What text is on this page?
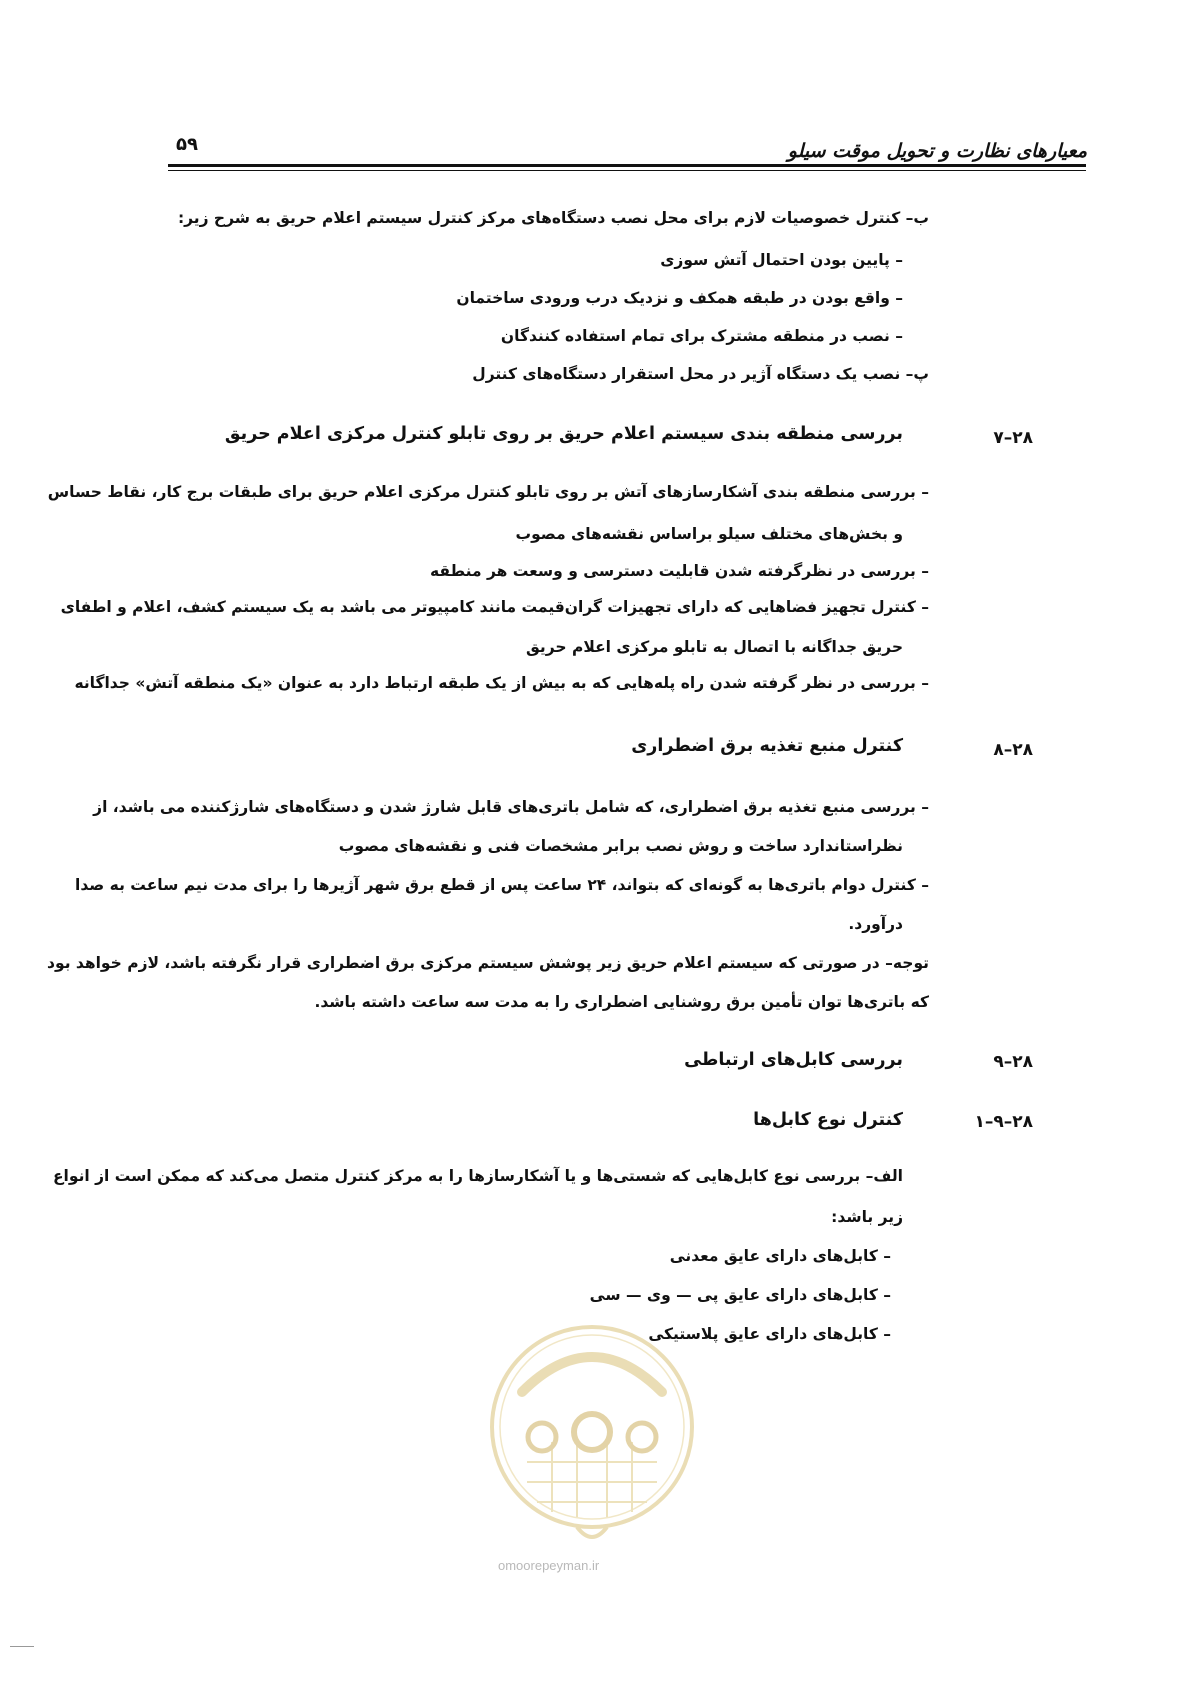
معیارهای نظارت و تحویل موقت سیلو
۵۹
ب– کنترل خصوصیات لازم برای محل نصب دستگاه‌های مرکز کنترل سیستم اعلام حریق به شرح زیر:
– پایین بودن احتمال آتش سوزی
– واقع بودن در طبقه همکف و نزدیک درب ورودی ساختمان
– نصب در منطقه مشترک برای تمام استفاده کنندگان
پ– نصب یک دستگاه آژیر در محل استقرار دستگاه‌های کنترل
۲۸–۷
بررسی منطقه بندی سیستم اعلام حریق بر روی تابلو کنترل مرکزی اعلام حریق
– بررسی منطقه بندی آشکارسازهای آتش بر روی تابلو کنترل مرکزی اعلام حریق برای طبقات برج کار، نقاط حساس
و بخش‌های مختلف سیلو براساس نقشه‌های مصوب
– بررسی در نظرگرفته شدن قابلیت دسترسی و وسعت هر منطقه
– کنترل تجهیز فضاهایی که دارای تجهیزات گران‌قیمت مانند کامپیوتر می باشد به یک سیستم کشف، اعلام و اطفای
حریق جداگانه با اتصال به تابلو مرکزی اعلام حریق
– بررسی در نظر گرفته شدن راه پله‌هایی که به بیش از یک طبقه ارتباط دارد به عنوان «یک منطقه آتش» جداگانه
۲۸–۸
کنترل منبع تغذیه برق اضطراری
– بررسی منبع تغذیه برق اضطراری، که شامل باتری‌های قابل شارژ شدن و دستگاه‌های شارژکننده می باشد، از
نظراستاندارد ساخت و روش نصب برابر مشخصات فنی و نقشه‌های مصوب
– کنترل دوام باتری‌ها به گونه‌ای که بتواند، ۲۴ ساعت پس از قطع برق شهر آژیرها را برای مدت نیم ساعت به صدا
درآورد.
توجه– در صورتی که سیستم اعلام حریق زیر پوشش سیستم مرکزی برق اضطراری قرار نگرفته باشد، لازم خواهد بود
که باتری‌ها توان تأمین برق روشنایی اضطراری را به مدت سه ساعت داشته باشد.
۲۸–۹
بررسی کابل‌های ارتباطی
۲۸–۹–۱
کنترل نوع کابل‌ها
الف– بررسی نوع کابل‌هایی که شستی‌ها و یا آشکارسازها را به مرکز کنترل متصل می‌کند که ممکن است از انواع
زیر باشد:
– کابل‌های دارای عایق معدنی
– کابل‌های دارای عایق پی — وی — سی
– کابل‌های دارای عایق پلاستیکی
omoorepeyman.ir
